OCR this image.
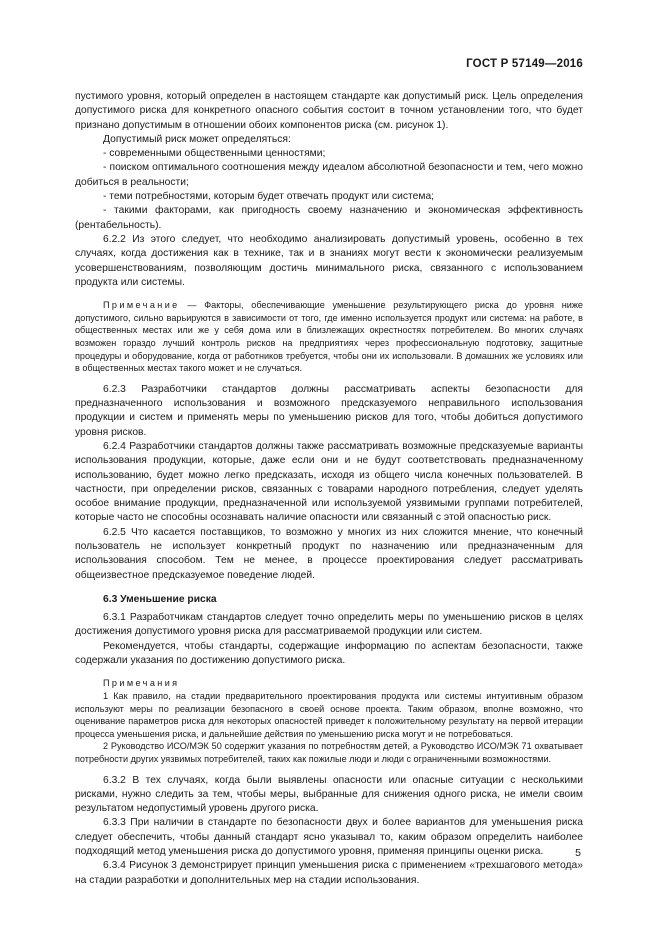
ГОСТ Р 57149—2016

пустимого уровня, который определен в настоящем стандарте как допустимый риск. Цель определения допустимого риска для конкретного опасного события состоит в точном установлении того, что будет признано допустимым в отношении обоих компонентов риска (см. рисунок 1).

Допустимый риск может определяться:

- современными общественными ценностями;

- поиском оптимального соотношения между идеалом абсолютной безопасности и тем, чего можно добиться в реальности;

- теми потребностями, которым будет отвечать продукт или система;

- такими факторами, как пригодность своему назначению и экономическая эффективность (рентабельность).

6.2.2 Из этого следует, что необходимо анализировать допустимый уровень, особенно в тех случаях, когда достижения как в технике, так и в знаниях могут вести к экономически реализуемым усовершенствованиям, позволяющим достичь минимального риска, связанного с использованием продукта или системы.

Примечание — Факторы, обеспечивающие уменьшение результирующего риска до уровня ниже допустимого, сильно варьируются в зависимости от того, где именно используется продукт или система: на работе, в общественных местах или же у себя дома или в близлежащих окрестностях потребителем. Во многих случаях возможен гораздо лучший контроль рисков на предприятиях через профессиональную подготовку, защитные процедуры и оборудование, когда от работников требуется, чтобы они их использовали. В домашних же условиях или в общественных местах такого может и не случаться.

6.2.3 Разработчики стандартов должны рассматривать аспекты безопасности для предназначенного использования и возможного предсказуемого неправильного использования продукции и систем и применять меры по уменьшению рисков для того, чтобы добиться допустимого уровня рисков.

6.2.4 Разработчики стандартов должны также рассматривать возможные предсказуемые варианты использования продукции, которые, даже если они и не будут соответствовать предназначенному использованию, будет можно легко предсказать, исходя из общего числа конечных пользователей. В частности, при определении рисков, связанных с товарами народного потребления, следует уделять особое внимание продукции, предназначенной или используемой уязвимыми группами потребителей, которые часто не способны осознавать наличие опасности или связанный с этой опасностью риск.

6.2.5 Что касается поставщиков, то возможно у многих из них сложится мнение, что конечный пользователь не использует конкретный продукт по назначению или предназначенным для использования способом. Тем не менее, в процессе проектирования следует рассматривать общеизвестное предсказуемое поведение людей.

6.3 Уменьшение риска

6.3.1 Разработчикам стандартов следует точно определить меры по уменьшению рисков в целях достижения допустимого уровня риска для рассматриваемой продукции или систем.

Рекомендуется, чтобы стандарты, содержащие информацию по аспектам безопасности, также содержали указания по достижению допустимого риска.

Примечания

1 Как правило, на стадии предварительного проектирования продукта или системы интуитивным образом используют меры по реализации безопасного в своей основе проекта. Таким образом, вполне возможно, что оценивание параметров риска для некоторых опасностей приведет к положительному результату на первой итерации процесса уменьшения риска, и дальнейшие действия по уменьшению риска могут и не потребоваться.

2 Руководство ИСО/МЭК 50 содержит указания по потребностям детей, а Руководство ИСО/МЭК 71 охватывает потребности других уязвимых потребителей, таких как пожилые люди и люди с ограниченными возможностями.

6.3.2 В тех случаях, когда были выявлены опасности или опасные ситуации с несколькими рисками, нужно следить за тем, чтобы меры, выбранные для снижения одного риска, не имели своим результатом недопустимый уровень другого риска.

6.3.3 При наличии в стандарте по безопасности двух и более вариантов для уменьшения риска следует обеспечить, чтобы данный стандарт ясно указывал то, каким образом определить наиболее подходящий метод уменьшения риска до допустимого уровня, применяя принципы оценки риска.

6.3.4 Рисунок 3 демонстрирует принцип уменьшения риска с применением «трехшагового метода» на стадии разработки и дополнительных мер на стадии использования.

5
